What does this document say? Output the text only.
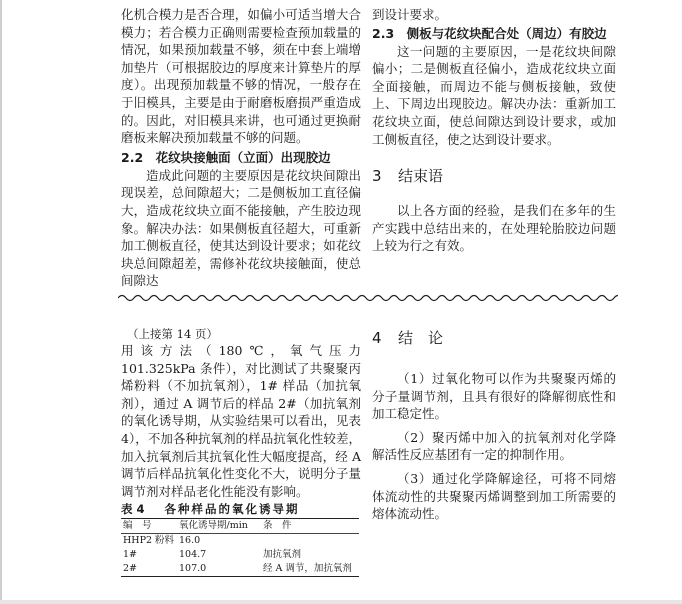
化机合模力是否合理，如偏小可适当增大合模力；若合模力正确则需要检查预加载量的情况，如果预加载量不够，须在中套上端增加垫片（可根据胶边的厚度来计算垫片的厚度）。出现预加载量不够的情况，一般存在于旧模具，主要是由于耐磨板磨损严重造成的。因此，对旧模具来讲，也可通过更换耐磨板来解决预加载量不够的问题。

2.2  花纹块接触面（立面）出现胶边

造成此问题的主要原因是花纹块间隙出现误差，总间隙超大；二是侧板加工直径偏大，造成花纹块立面不能接触，产生胶边现象。解决办法：如果侧板直径超大，可重新加工侧板直径，使其达到设计要求；如花纹块总间隙超差，需修补花纹块接触面，使总间隙达

到设计要求。

2.3  侧板与花纹块配合处（周边）有胶边

这一问题的主要原因，一是花纹块间隙偏小；二是侧板直径偏小，造成花纹块立面全面接触，而周边不能与侧板接触，致使上、下周边出现胶边。解决办法：重新加工花纹块立面，使总间隙达到设计要求，或加工侧板直径，使之达到设计要求。

3 结束语

以上各方面的经验，是我们在多年的生产实践中总结出来的，在处理轮胎胶边问题上较为行之有效。

（上接第 14 页）

用该方法（180℃，氧气压力 101.325kPa 条件），对比测试了共聚聚丙烯粉料（不加抗氧剂），1# 样品（加抗氧剂），通过 A 调节后的样品 2#（加抗氧剂的氧化诱导期，从实验结果可以看出，见表 4），不加各种抗氧剂的样品抗氧化性较差，加入抗氧剂后其抗氧化性大幅度提高，经 A 调节后样品抗氧化性变化不大，说明分子量调节剂对样品老化性能没有影响。

表 4 各种样品的氧化诱导期

编　号	氧化诱导期/min	条　件
HHP2 粉料	16.0	
1#	104.7	加抗氧剂
2#	107.0	经 A 调节，加抗氧剂

4 结　论

（1）过氧化物可以作为共聚聚丙烯的分子量调节剂，且具有很好的降解彻底性和加工稳定性。

（2）聚丙烯中加入的抗氧剂对化学降解活性反应基团有一定的抑制作用。

（3）通过化学降解途径，可将不同熔体流动性的共聚聚丙烯调整到加工所需要的熔体流动性。
